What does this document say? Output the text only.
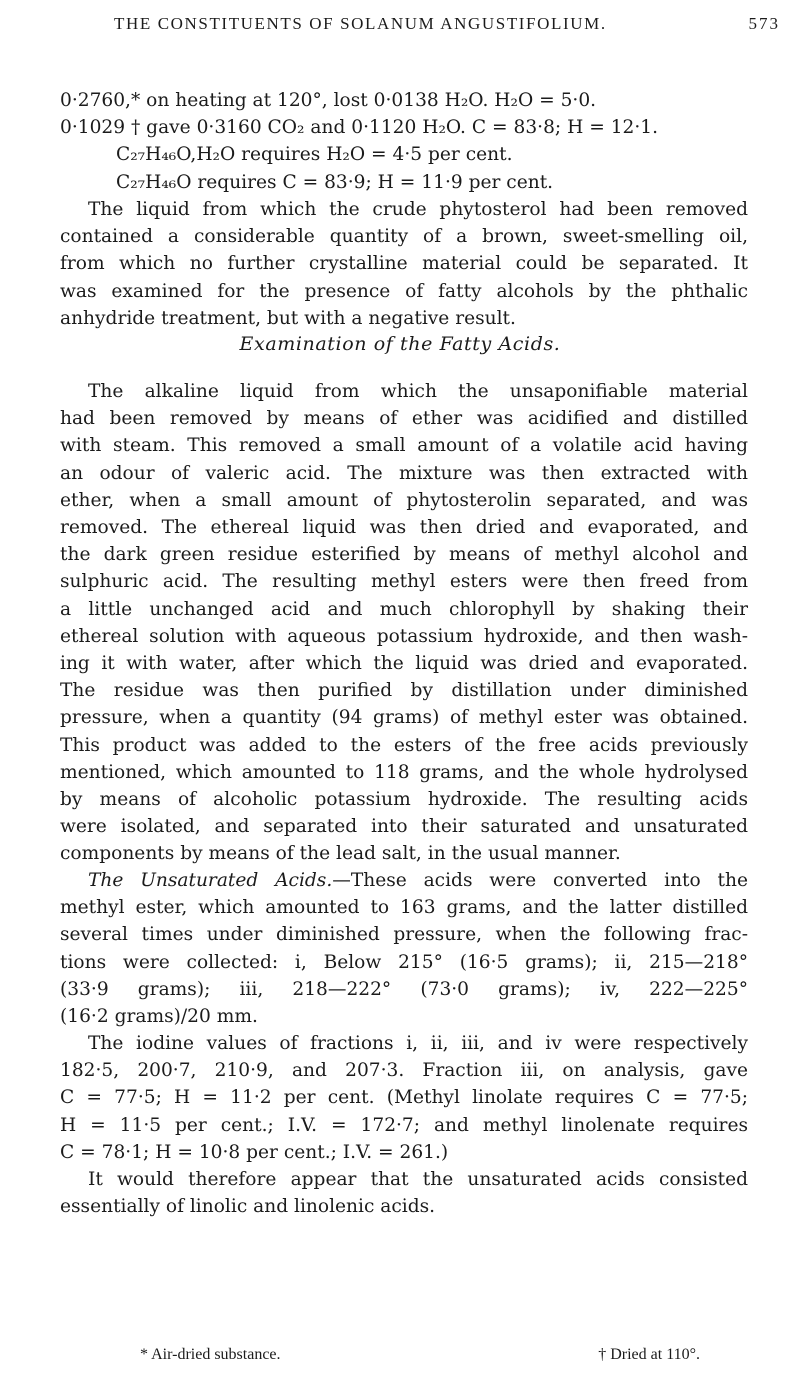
THE CONSTITUENTS OF SOLANUM ANGUSTIFOLIUM.	573
0·2760,* on heating at 120°, lost 0·0138 H₂O. H₂O = 5·0.
0·1029 † gave 0·3160 CO₂ and 0·1120 H₂O. C = 83·8; H = 12·1.
C₂₇H₄₆O,H₂O requires H₂O = 4·5 per cent.
C₂₇H₄₆O requires C = 83·9; H = 11·9 per cent.
The liquid from which the crude phytosterol had been removed
contained a considerable quantity of a brown, sweet-smelling oil,
from which no further crystalline material could be separated. It
was examined for the presence of fatty alcohols by the phthalic
anhydride treatment, but with a negative result.
Examination of the Fatty Acids.
The alkaline liquid from which the unsaponifiable material
had been removed by means of ether was acidified and distilled
with steam. This removed a small amount of a volatile acid having
an odour of valeric acid. The mixture was then extracted with
ether, when a small amount of phytosterolin separated, and was
removed. The ethereal liquid was then dried and evaporated, and
the dark green residue esterified by means of methyl alcohol and
sulphuric acid. The resulting methyl esters were then freed from
a little unchanged acid and much chlorophyll by shaking their
ethereal solution with aqueous potassium hydroxide, and then wash-
ing it with water, after which the liquid was dried and evaporated.
The residue was then purified by distillation under diminished
pressure, when a quantity (94 grams) of methyl ester was obtained.
This product was added to the esters of the free acids previously
mentioned, which amounted to 118 grams, and the whole hydrolysed
by means of alcoholic potassium hydroxide. The resulting acids
were isolated, and separated into their saturated and unsaturated
components by means of the lead salt, in the usual manner.
The Unsaturated Acids.—These acids were converted into the
methyl ester, which amounted to 163 grams, and the latter distilled
several times under diminished pressure, when the following frac-
tions were collected: i, Below 215° (16·5 grams); ii, 215—218°
(33·9 grams); iii, 218—222° (73·0 grams); iv, 222—225°
(16·2 grams)/20 mm.
The iodine values of fractions i, ii, iii, and iv were respectively
182·5, 200·7, 210·9, and 207·3. Fraction iii, on analysis, gave
C = 77·5; H = 11·2 per cent. (Methyl linolate requires C = 77·5;
H = 11·5 per cent.; I.V. = 172·7; and methyl linolenate requires
C = 78·1; H = 10·8 per cent.; I.V. = 261.)
It would therefore appear that the unsaturated acids consisted
essentially of linolic and linolenic acids.
* Air-dried substance.	† Dried at 110°.
